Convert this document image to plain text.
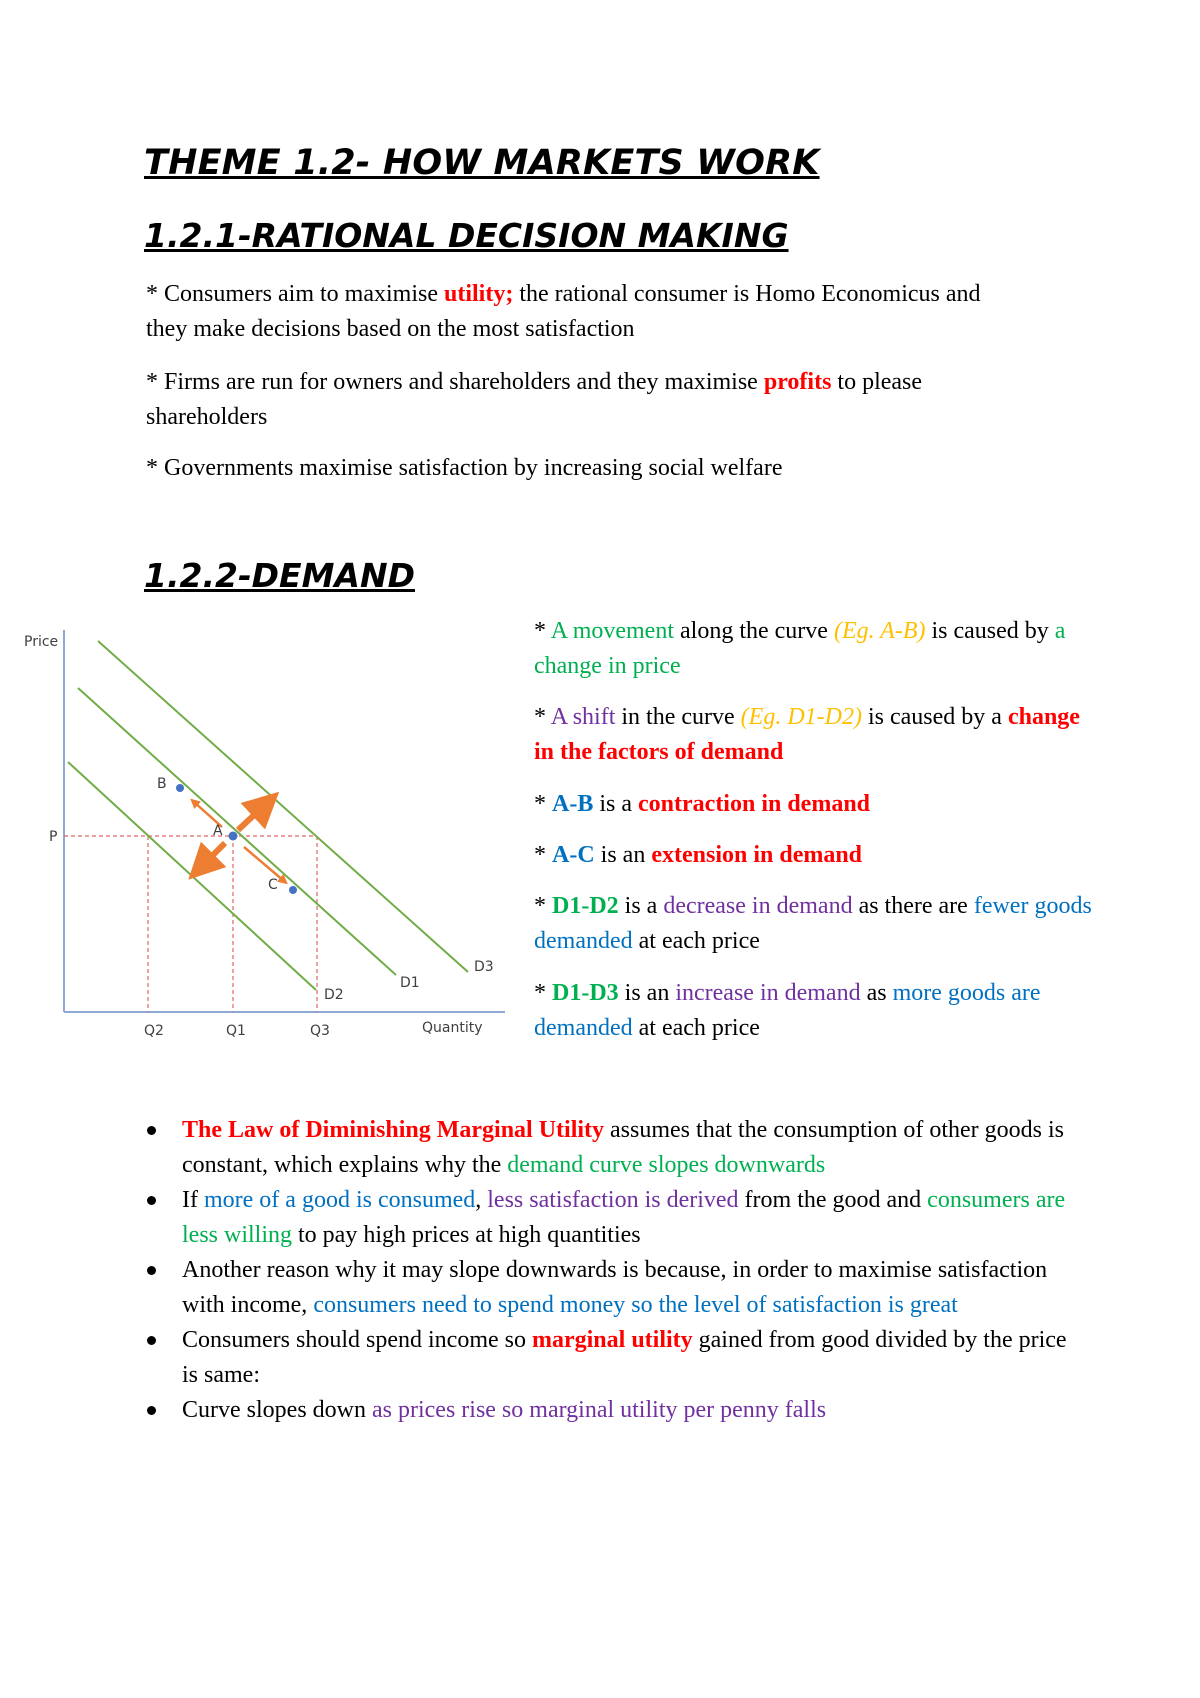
THEME 1.2- HOW MARKETS WORK
1.2.1-RATIONAL DECISION MAKING

* Consumers aim to maximise utility; the rational consumer is Homo Economicus and they make decisions based on the most satisfaction

* Firms are run for owners and shareholders and they maximise profits to please shareholders

* Governments maximise satisfaction by increasing social welfare

1.2.2-DEMAND
Price
Quantity
P
Q2	Q1	Q3
D3
D1
D2
A
B
C

* A movement along the curve (Eg. A-B) is caused by a change in price

* A shift in the curve (Eg. D1-D2) is caused by a change in the factors of demand

* A-B is a contraction in demand

* A-C is an extension in demand

* D1-D2 is a decrease in demand as there are fewer goods demanded at each price

* D1-D3 is an increase in demand as more goods are demanded at each price

The Law of Diminishing Marginal Utility assumes that the consumption of other goods is constant, which explains why the demand curve slopes downwards
If more of a good is consumed, less satisfaction is derived from the good and consumers are less willing to pay high prices at high quantities
Another reason why it may slope downwards is because, in order to maximise satisfaction with income, consumers need to spend money so the level of satisfaction is great
Consumers should spend income so marginal utility gained from good divided by the price is same:
Curve slopes down as prices rise so marginal utility per penny falls
